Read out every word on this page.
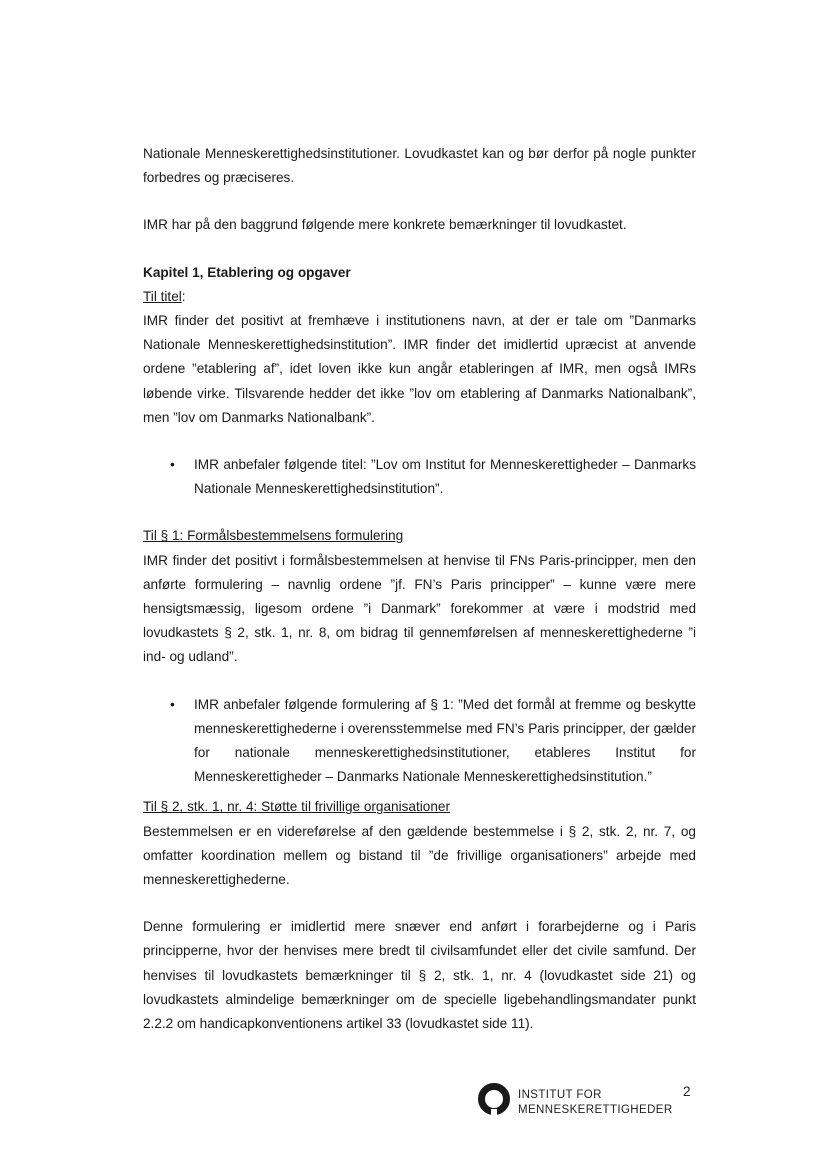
Nationale Menneskerettighedsinstitutioner. Lovudkastet kan og bør derfor på nogle punkter forbedres og præciseres.

IMR har på den baggrund følgende mere konkrete bemærkninger til lovudkastet.

Kapitel 1, Etablering og opgaver

Til titel:

IMR finder det positivt at fremhæve i institutionens navn, at der er tale om ”Danmarks Nationale Menneskerettighedsinstitution”. IMR finder det imidlertid upræcist at anvende ordene ”etablering af”, idet loven ikke kun angår etableringen af IMR, men også IMRs løbende virke. Tilsvarende hedder det ikke ”lov om etablering af Danmarks Nationalbank”, men ”lov om Danmarks Nationalbank”.

• IMR anbefaler følgende titel: ”Lov om Institut for Menneskerettigheder – Danmarks Nationale Menneskerettighedsinstitution”.

Til § 1: Formålsbestemmelsens formulering

IMR finder det positivt i formålsbestemmelsen at henvise til FNs Paris-principper, men den anførte formulering – navnlig ordene ”jf. FN’s Paris principper” – kunne være mere hensigtsmæssig, ligesom ordene ”i Danmark” forekommer at være i modstrid med lovudkastets § 2, stk. 1, nr. 8, om bidrag til gennemførelsen af menneskerettighederne ”i ind- og udland”.

• IMR anbefaler følgende formulering af § 1: ”Med det formål at fremme og beskytte menneskerettighederne i overensstemmelse med FN’s Paris principper, der gælder for nationale menneskerettighedsinstitutioner, etableres Institut for Menneskerettigheder – Danmarks Nationale Menneskerettighedsinstitution.”

Til § 2, stk. 1, nr. 4: Støtte til frivillige organisationer

Bestemmelsen er en videreførelse af den gældende bestemmelse i § 2, stk. 2, nr. 7, og omfatter koordination mellem og bistand til ”de frivillige organisationers” arbejde med menneskerettighederne.

Denne formulering er imidlertid mere snæver end anført i forarbejderne og i Paris principperne, hvor der henvises mere bredt til civilsamfundet eller det civile samfund. Der henvises til lovudkastets bemærkninger til § 2, stk. 1, nr. 4 (lovudkastet side 21) og lovudkastets almindelige bemærkninger om de specielle ligebehandlingsmandater punkt 2.2.2 om handicapkonventionens artikel 33 (lovudkastet side 11).

INSTITUT FOR
MENNESKERETTIGHEDER
2
